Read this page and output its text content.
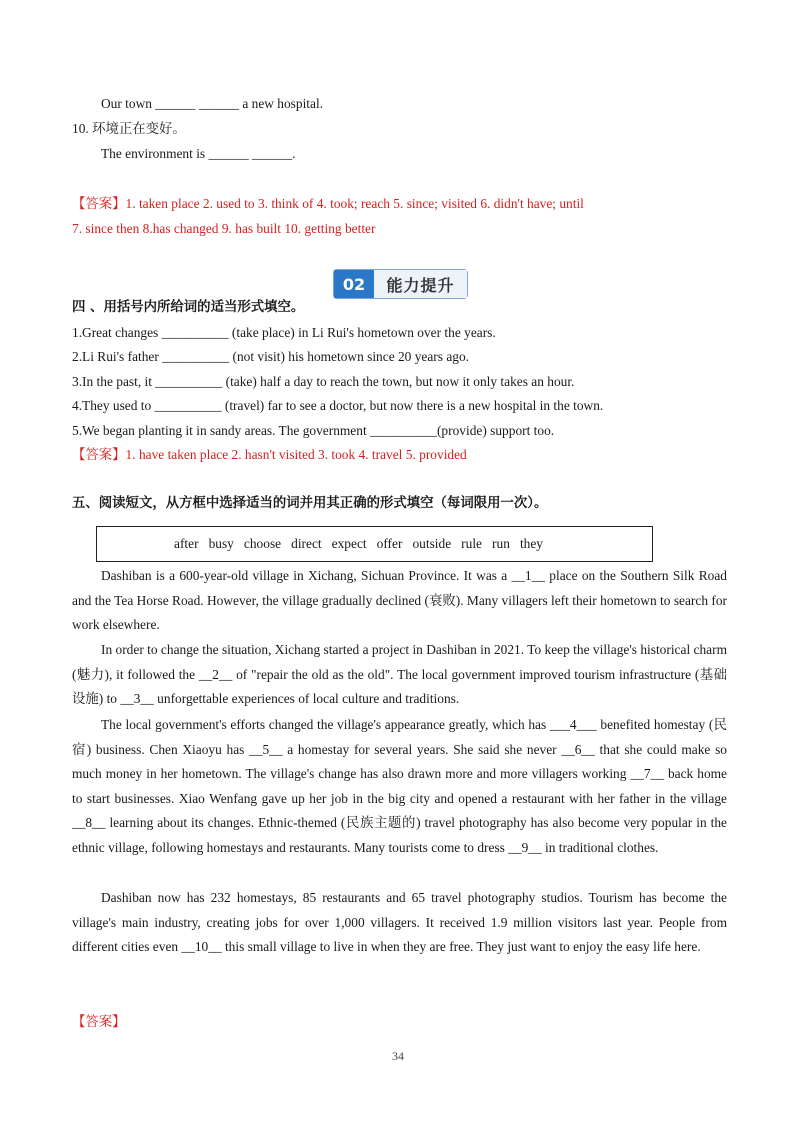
Our town ______ ______ a new hospital.
10. 环境正在变好。
The environment is ______ ______.
【答案】1. taken place 2. used to 3. think of 4. took; reach 5. since; visited 6. didn't have; until
7. since then 8.has changed 9. has built 10. getting better
02	能力提升
四 、用括号内所给词的适当形式填空。
1.Great changes __________ (take place) in Li Rui's hometown over the years.
2.Li Rui's father __________ (not visit) his hometown since 20 years ago.
3.In the past, it __________ (take) half a day to reach the town, but now it only takes an hour.
4.They used to __________ (travel) far to see a doctor, but now there is a new hospital in the town.
5.We began planting it in sandy areas. The government __________(provide) support too.
【答案】1. have taken place 2. hasn't visited 3. took 4. travel 5. provided
五、阅读短文，从方框中选择适当的词并用其正确的形式填空（每词限用一次）。
after   busy   choose   direct   expect   offer   outside   rule   run   they
Dashiban is a 600-year-old village in Xichang, Sichuan Province. It was a __1__ place on the Southern Silk Road and the Tea Horse Road. However, the village gradually declined (衰败). Many villagers left their hometown to search for work elsewhere.
In order to change the situation, Xichang started a project in Dashiban in 2021. To keep the village's historical charm (魅力), it followed the __2__ of "repair the old as the old". The local government improved tourism infrastructure (基础设施) to __3__ unforgettable experiences of local culture and traditions.
The local government's efforts changed the village's appearance greatly, which has ___4___ benefited homestay (民宿) business. Chen Xiaoyu has __5__ a homestay for several years. She said she never __6__ that she could make so much money in her hometown. The village's change has also drawn more and more villagers working __7__ back home to start businesses. Xiao Wenfang gave up her job in the big city and opened a restaurant with her father in the village __8__ learning about its changes. Ethnic-themed (民族主题的) travel photography has also become very popular in the ethnic village, following homestays and restaurants. Many tourists come to dress __9__ in traditional clothes.
Dashiban now has 232 homestays, 85 restaurants and 65 travel photography studios. Tourism has become the village's main industry, creating jobs for over 1,000 villagers. It received 1.9 million visitors last year. People from different cities even __10__ this small village to live in when they are free. They just want to enjoy the easy life here.
【答案】
34
